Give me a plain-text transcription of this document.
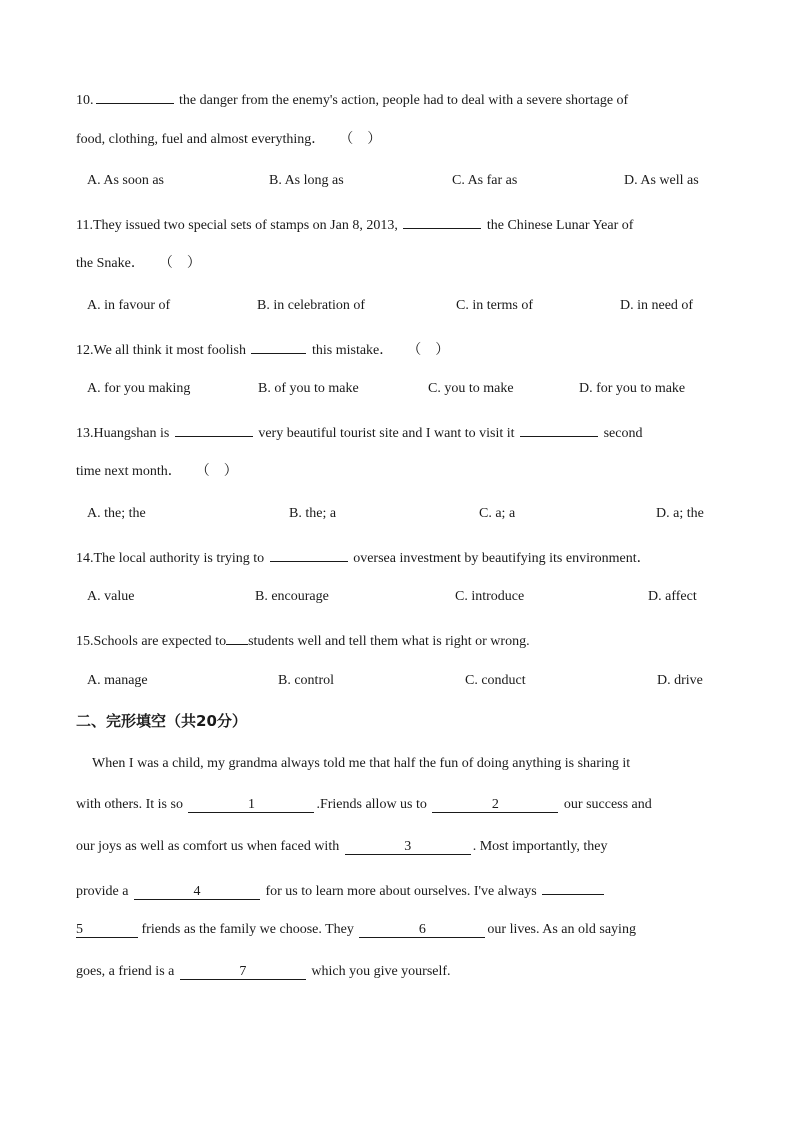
10.	the danger from the enemy's action, people had to deal with a severe shortage of
food, clothing, fuel and almost everything． （　）
A. As soon as	B. As long as	C. As far as	D. As well as
11.They issued two special sets of stamps on Jan 8, 2013,	the Chinese Lunar Year of
the Snake． （　）
A. in favour of	B. in celebration of	C. in terms of	D. in need of
12.We all think it most foolish	this mistake． （　）
A. for you making	B. of you to make	C. you to make	D. for you to make
13.Huangshan is	very beautiful tourist site and I want to visit it	second
time next month． （　）
A. the; the	B. the; a	C. a; a	D. a; the
14.The local authority is trying to	oversea investment by beautifying its environment．
A. value	B. encourage	C. introduce	D. affect
15.Schools are expected to students well and tell them what is right or wrong.
A. manage	B. control	C. conduct	D. drive
二、完形填空（共20分）
When I was a child, my grandma always told me that half the fun of doing anything is sharing it
with others. It is so	1	.Friends allow us to	2	our success and
our joys as well as comfort us when faced with	3	. Most importantly, they
provide a	4	for us to learn more about ourselves. I've always
5	friends as the family we choose. They	6	our lives. As an old saying
goes, a friend is a	7	which you give yourself.
